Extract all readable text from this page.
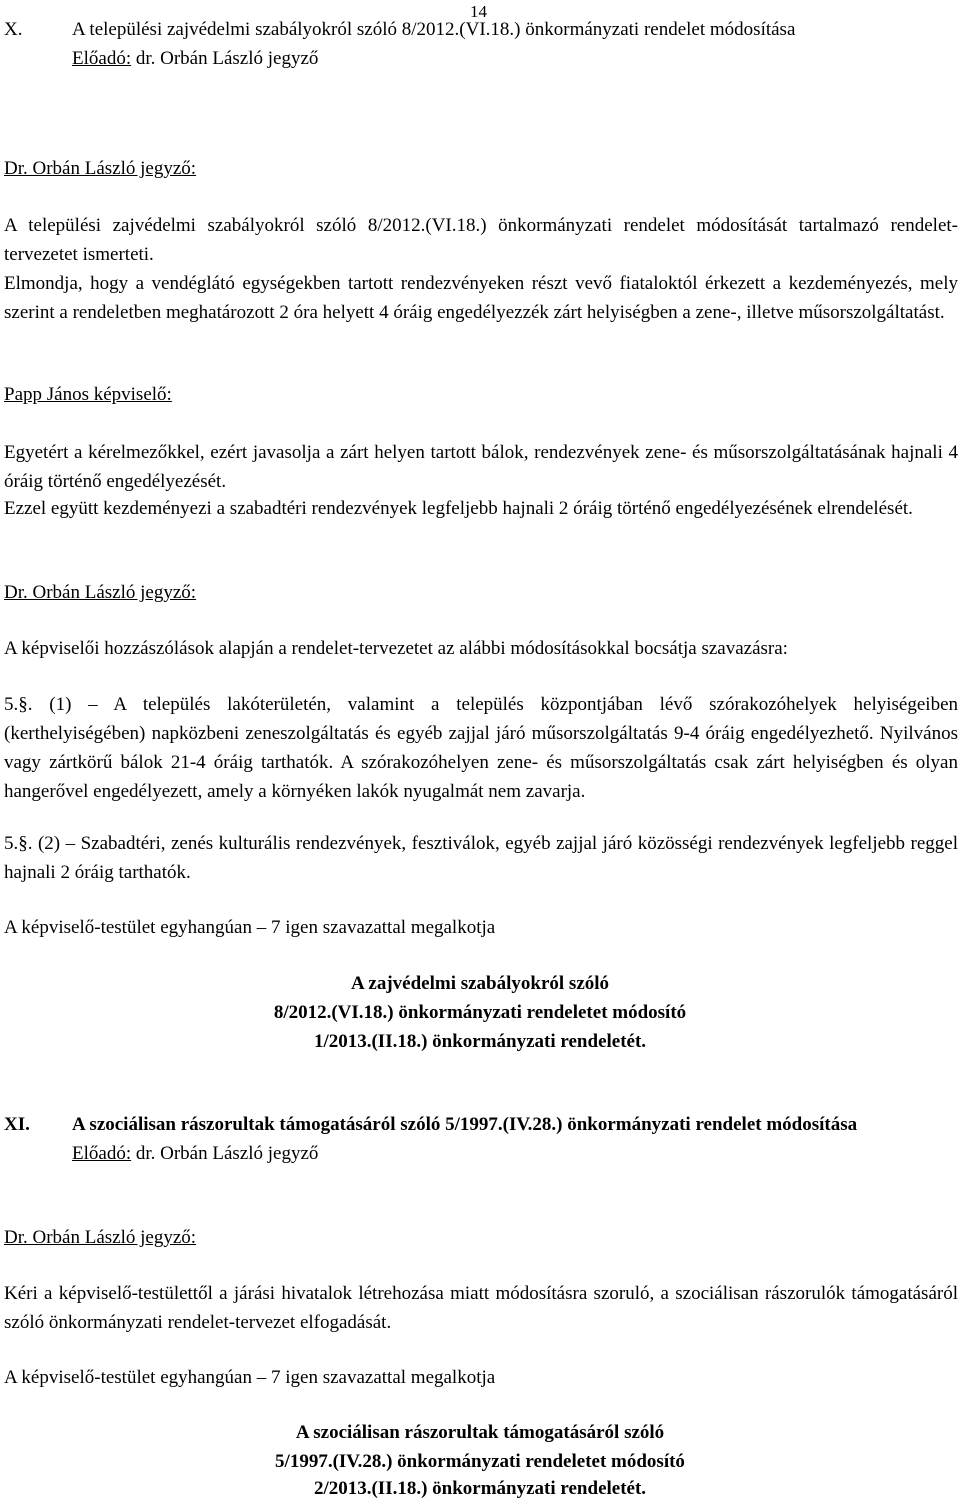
14
X.	A települési zajvédelmi szabályokról szóló 8/2012.(VI.18.) önkormányzati rendelet módosítása
Előadó: dr. Orbán László jegyző
Dr. Orbán László jegyző:

A települési zajvédelmi szabályokról szóló 8/2012.(VI.18.) önkormányzati rendelet módosítását tartalmazó rendelet-tervezetet ismerteti.

Elmondja, hogy a vendéglátó egységekben tartott rendezvényeken részt vevő fiataloktól érkezett a kezdeményezés, mely szerint a rendeletben meghatározott 2 óra helyett 4 óráig engedélyezzék zárt helyiségben a zene-, illetve műsorszolgáltatást.

Papp János képviselő:

Egyetért a kérelmezőkkel, ezért javasolja a zárt helyen tartott bálok, rendezvények zene- és műsorszolgáltatásának hajnali 4 óráig történő engedélyezését.

Ezzel együtt kezdeményezi a szabadtéri rendezvények legfeljebb hajnali 2 óráig történő engedélyezésének elrendelését.

Dr. Orbán László jegyző:

A képviselői hozzászólások alapján a rendelet-tervezetet az alábbi módosításokkal bocsátja szavazásra:

5.§. (1) – A település lakóterületén, valamint a település központjában lévő szórakozóhelyek helyiségeiben (kerthelyiségében) napközbeni zeneszolgáltatás és egyéb zajjal járó műsorszolgáltatás 9-4 óráig engedélyezhető. Nyilvános vagy zártkörű bálok 21-4 óráig tarthatók. A szórakozóhelyen zene- és műsorszolgáltatás csak zárt helyiségben és olyan hangerővel engedélyezett, amely a környéken lakók nyugalmát nem zavarja.

5.§. (2) – Szabadtéri, zenés kulturális rendezvények, fesztiválok, egyéb zajjal járó közösségi rendezvények legfeljebb reggel hajnali 2 óráig tarthatók.

A képviselő-testület egyhangúan – 7 igen szavazattal megalkotja

A zajvédelmi szabályokról szóló
8/2012.(VI.18.) önkormányzati rendeletet módosító
1/2013.(II.18.) önkormányzati rendeletét.
XI.	A szociálisan rászorultak támogatásáról szóló 5/1997.(IV.28.) önkormányzati rendelet módosítása
Előadó: dr. Orbán László jegyző
Dr. Orbán László jegyző:

Kéri a képviselő-testülettől a járási hivatalok létrehozása miatt módosításra szoruló, a szociálisan rászorulók támogatásáról szóló önkormányzati rendelet-tervezet elfogadását.

A képviselő-testület egyhangúan – 7 igen szavazattal megalkotja

A szociálisan rászorultak támogatásáról szóló
5/1997.(IV.28.) önkormányzati rendeletet módosító
2/2013.(II.18.) önkormányzati rendeletét.
